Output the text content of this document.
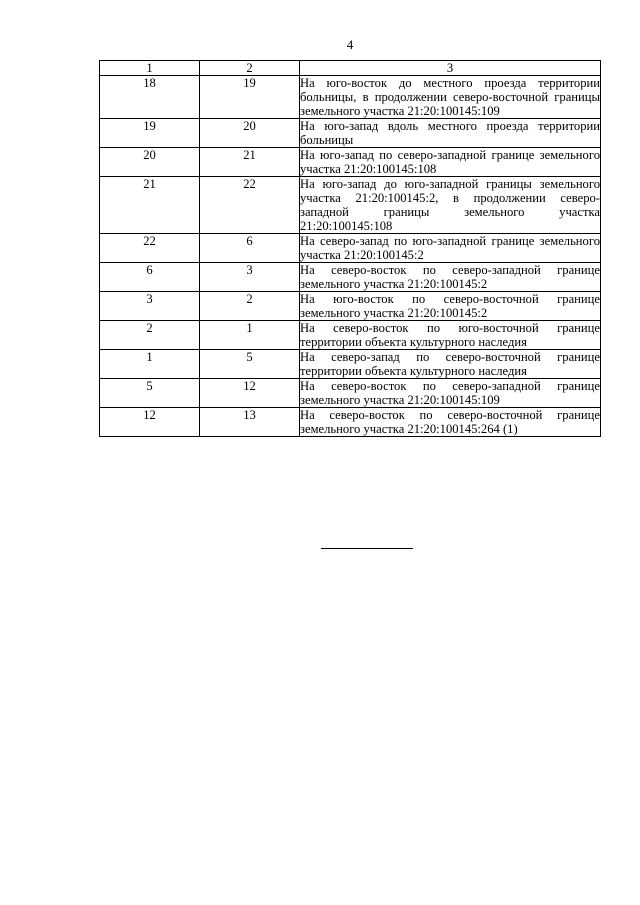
4
1	2	3
18	19	На юго-восток до местного проезда территории больницы, в продолжении северо-восточной границы земельного участка 21:20:100145:109
19	20	На юго-запад вдоль местного проезда территории больницы
20	21	На юго-запад по северо-западной границе земельного участка 21:20:100145:108
21	22	На юго-запад до юго-западной границы земельного участка 21:20:100145:2, в продолжении северо-западной границы земельного участка 21:20:100145:108
22	6	На северо-запад по юго-западной границе земельного участка 21:20:100145:2
6	3	На северо-восток по северо-западной границе земельного участка 21:20:100145:2
3	2	На юго-восток по северо-восточной границе земельного участка 21:20:100145:2
2	1	На северо-восток по юго-восточной границе территории объекта культурного наследия
1	5	На северо-запад по северо-восточной границе территории объекта культурного наследия
5	12	На северо-восток по северо-западной границе земельного участка 21:20:100145:109
12	13	На северо-восток по северо-восточной границе земельного участка 21:20:100145:264 (1)
